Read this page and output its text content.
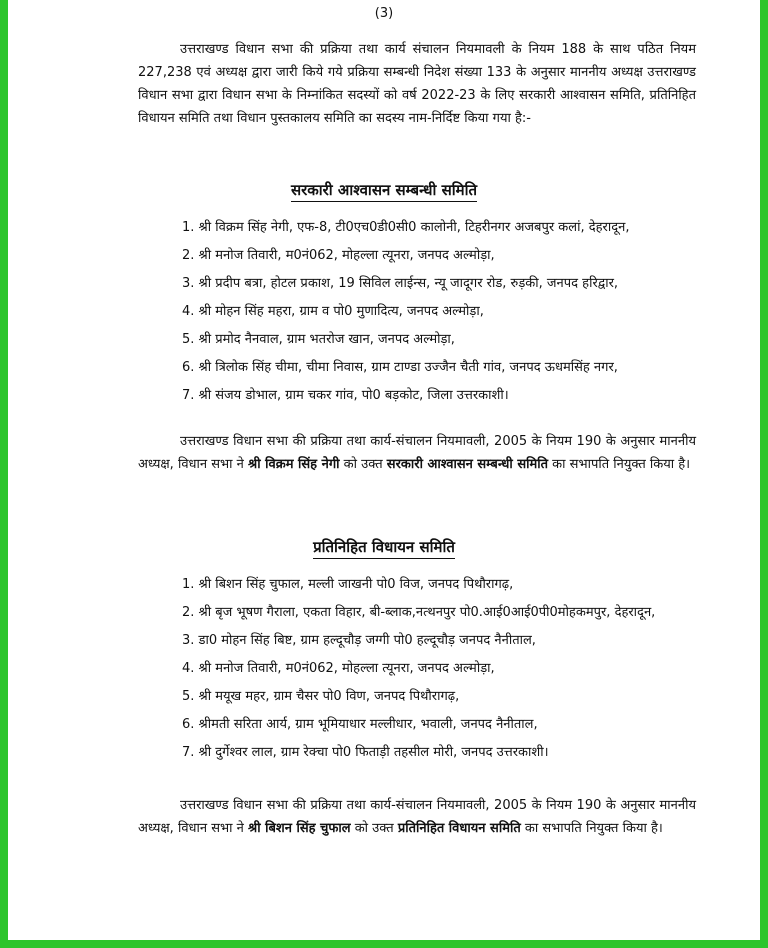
(3)

उत्तराखण्ड विधान सभा की प्रक्रिया तथा कार्य संचालन नियमावली के नियम 188 के साथ पठित नियम 227,238 एवं अध्यक्ष द्वारा जारी किये गये प्रक्रिया सम्बन्धी निदेश संख्या 133 के अनुसार माननीय अध्यक्ष उत्तराखण्ड विधान सभा द्वारा विधान सभा के निम्नांकित सदस्यों को वर्ष 2022-23 के लिए सरकारी आश्वासन समिति, प्रतिनिहित विधायन समिति तथा विधान पुस्तकालय समिति का सदस्य नाम-निर्दिष्ट किया गया है:-

सरकारी आश्वासन सम्बन्धी समिति
1. श्री विक्रम सिंह नेगी, एफ-8, टी0एच0डी0सी0 कालोनी, टिहरीनगर अजबपुर कलां, देहरादून,
2. श्री मनोज तिवारी, म0नं062, मोहल्ला त्यूनरा, जनपद अल्मोड़ा,
3. श्री प्रदीप बत्रा, होटल प्रकाश, 19 सिविल लाईन्स, न्यू जादूगर रोड, रुड़की, जनपद हरिद्वार,
4. श्री मोहन सिंह महरा, ग्राम व पो0 मुणादित्य, जनपद अल्मोड़ा,
5. श्री प्रमोद नैनवाल, ग्राम भतरोज खान, जनपद अल्मोड़ा,
6. श्री त्रिलोक सिंह चीमा, चीमा निवास, ग्राम टाण्डा उज्जैन चैती गांव, जनपद ऊधमसिंह नगर,
7. श्री संजय डोभाल, ग्राम चकर गांव, पो0 बड़कोट, जिला उत्तरकाशी।

उत्तराखण्ड विधान सभा की प्रक्रिया तथा कार्य-संचालन नियमावली, 2005 के नियम 190 के अनुसार माननीय अध्यक्ष, विधान सभा ने श्री विक्रम सिंह नेगी को उक्त सरकारी आश्वासन सम्बन्धी समिति का सभापति नियुक्त किया है।

प्रतिनिहित विधायन समिति
1. श्री बिशन सिंह चुफाल, मल्ली जाखनी पो0 विज, जनपद पिथौरागढ़,
2. श्री बृज भूषण गैराला, एकता विहार, बी-ब्लाक,नत्थनपुर पो0.आई0आई0पी0मोहकमपुर, देहरादून,
3. डा0 मोहन सिंह बिष्ट, ग्राम हल्दूचौड़ जग्गी पो0 हल्दूचौड़ जनपद नैनीताल,
4. श्री मनोज तिवारी, म0नं062, मोहल्ला त्यूनरा, जनपद अल्मोड़ा,
5. श्री मयूख महर, ग्राम चैसर पो0 विण, जनपद पिथौरागढ़,
6. श्रीमती सरिता आर्य, ग्राम भूमियाधार मल्लीधार, भवाली, जनपद नैनीताल,
7. श्री दुर्गेश्वर लाल, ग्राम रेक्चा पो0 फिताड़ी तहसील मोरी, जनपद उत्तरकाशी।

उत्तराखण्ड विधान सभा की प्रक्रिया तथा कार्य-संचालन नियमावली, 2005 के नियम 190 के अनुसार माननीय अध्यक्ष, विधान सभा ने श्री बिशन सिंह चुफाल को उक्त प्रतिनिहित विधायन समिति का सभापति नियुक्त किया है।
